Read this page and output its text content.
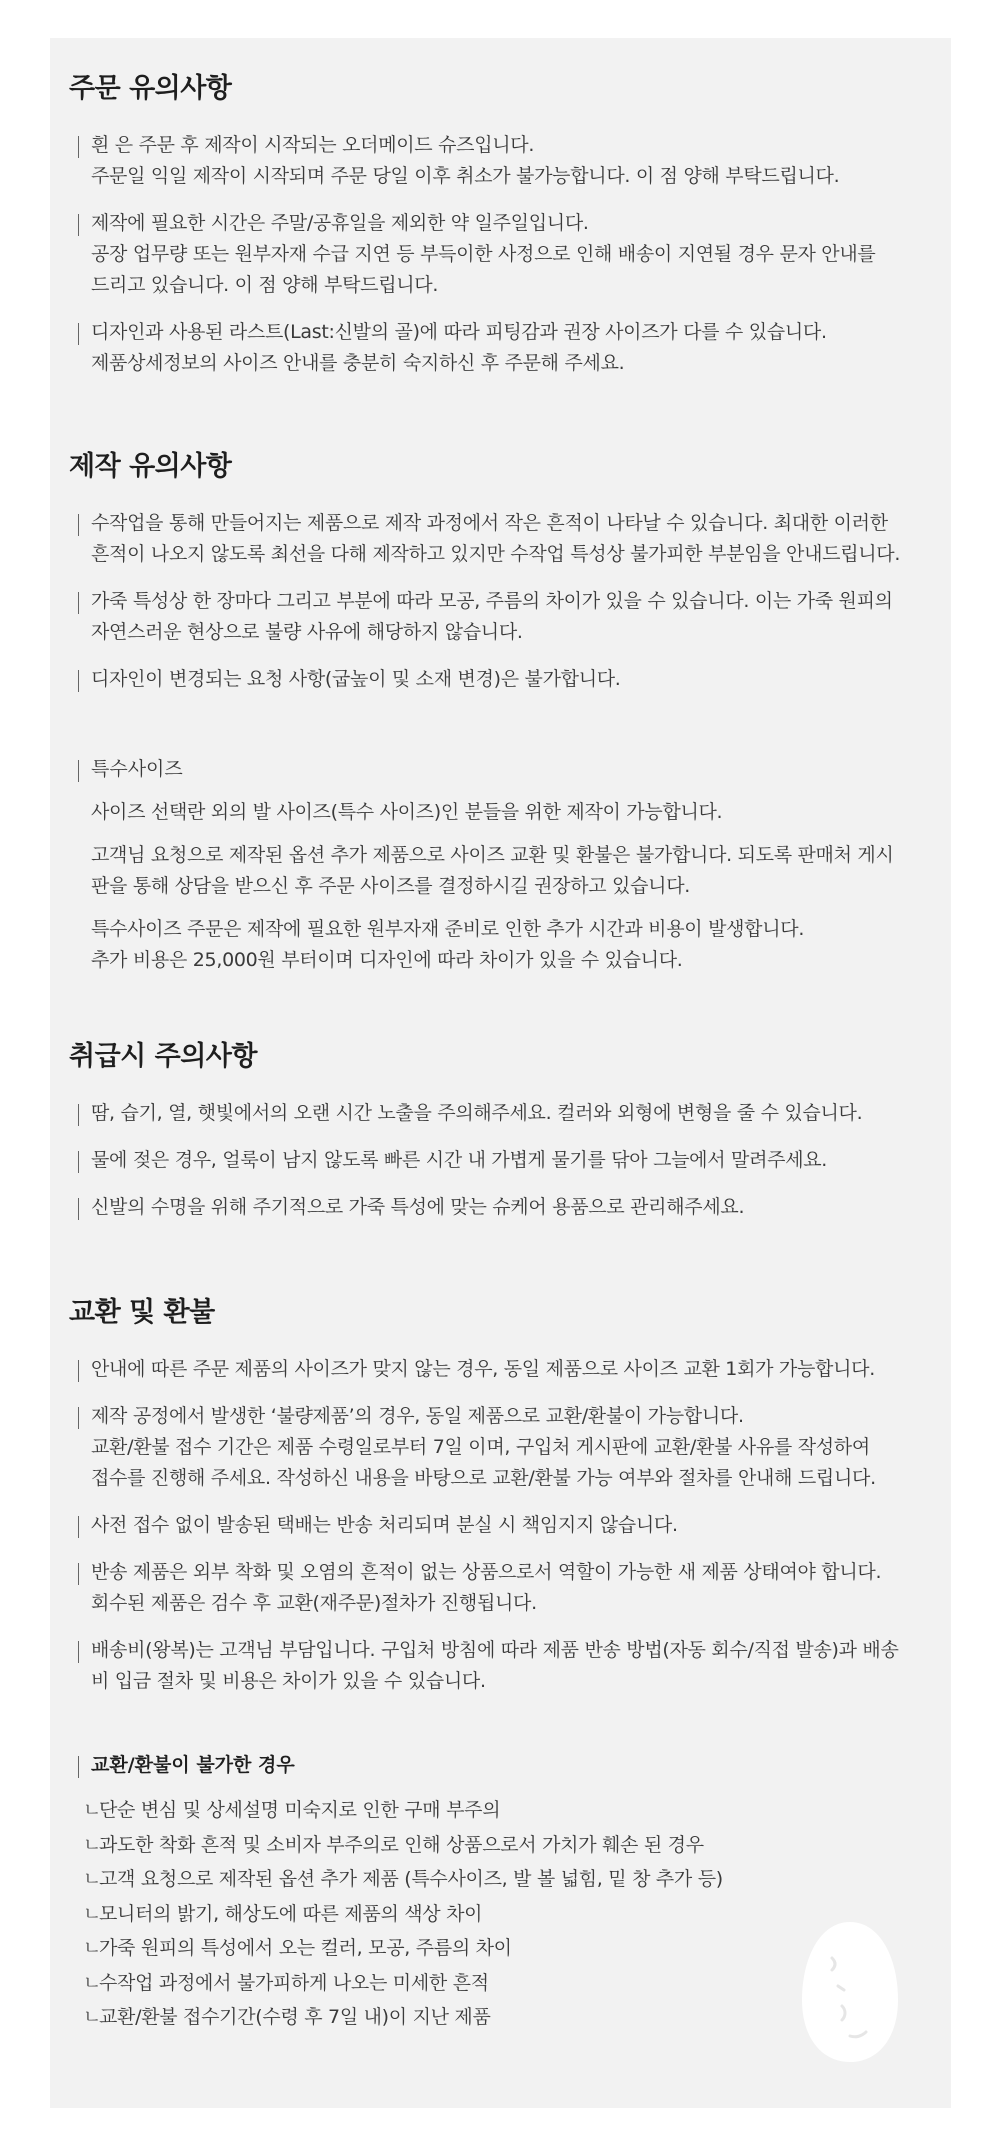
주문 유의사항
흰 은 주문 후 제작이 시작되는 오더메이드 슈즈입니다.
주문일 익일 제작이 시작되며 주문 당일 이후 취소가 불가능합니다. 이 점 양해 부탁드립니다.
제작에 필요한 시간은 주말/공휴일을 제외한 약 일주일입니다.
공장 업무량 또는 원부자재 수급 지연 등 부득이한 사정으로 인해 배송이 지연될 경우 문자 안내를
드리고 있습니다. 이 점 양해 부탁드립니다.
디자인과 사용된 라스트(Last:신발의 골)에 따라 피팅감과 권장 사이즈가 다를 수 있습니다.
제품상세정보의 사이즈 안내를 충분히 숙지하신 후 주문해 주세요.
제작 유의사항
수작업을 통해 만들어지는 제품으로 제작 과정에서 작은 흔적이 나타날 수 있습니다. 최대한 이러한
흔적이 나오지 않도록 최선을 다해 제작하고 있지만 수작업 특성상 불가피한 부분임을 안내드립니다.
가죽 특성상 한 장마다 그리고 부분에 따라 모공, 주름의 차이가 있을 수 있습니다. 이는 가죽 원피의
자연스러운 현상으로 불량 사유에 해당하지 않습니다.
디자인이 변경되는 요청 사항(굽높이 및 소재 변경)은 불가합니다.
특수사이즈
사이즈 선택란 외의 발 사이즈(특수 사이즈)인 분들을 위한 제작이 가능합니다.
고객님 요청으로 제작된 옵션 추가 제품으로 사이즈 교환 및 환불은 불가합니다. 되도록 판매처 게시
판을 통해 상담을 받으신 후 주문 사이즈를 결정하시길 권장하고 있습니다.
특수사이즈 주문은 제작에 필요한 원부자재 준비로 인한 추가 시간과 비용이 발생합니다.
추가 비용은 25,000원 부터이며 디자인에 따라 차이가 있을 수 있습니다.
취급시 주의사항
땀, 습기, 열, 햇빛에서의 오랜 시간 노출을 주의해주세요. 컬러와 외형에 변형을 줄 수 있습니다.
물에 젖은 경우, 얼룩이 남지 않도록 빠른 시간 내 가볍게 물기를 닦아 그늘에서 말려주세요.
신발의 수명을 위해 주기적으로 가죽 특성에 맞는 슈케어 용품으로 관리해주세요.
교환 및 환불
안내에 따른 주문 제품의 사이즈가 맞지 않는 경우, 동일 제품으로 사이즈 교환 1회가 가능합니다.
제작 공정에서 발생한 ‘불량제품’의 경우, 동일 제품으로 교환/환불이 가능합니다.
교환/환불 접수 기간은 제품 수령일로부터 7일 이며, 구입처 게시판에 교환/환불 사유를 작성하여
접수를 진행해 주세요. 작성하신 내용을 바탕으로 교환/환불 가능 여부와 절차를 안내해 드립니다.
사전 접수 없이 발송된 택배는 반송 처리되며 분실 시 책임지지 않습니다.
반송 제품은 외부 착화 및 오염의 흔적이 없는 상품으로서 역할이 가능한 새 제품 상태여야 합니다.
회수된 제품은 검수 후 교환(재주문)절차가 진행됩니다.
배송비(왕복)는 고객님 부담입니다. 구입처 방침에 따라 제품 반송 방법(자동 회수/직접 발송)과 배송
비 입금 절차 및 비용은 차이가 있을 수 있습니다.
교환/환불이 불가한 경우
ㄴ단순 변심 및 상세설명 미숙지로 인한 구매 부주의
ㄴ과도한 착화 흔적 및 소비자 부주의로 인해 상품으로서 가치가 훼손 된 경우
ㄴ고객 요청으로 제작된 옵션 추가 제품 (특수사이즈, 발 볼 넓힘, 밑 창 추가 등)
ㄴ모니터의 밝기, 해상도에 따른 제품의 색상 차이
ㄴ가죽 원피의 특성에서 오는 컬러, 모공, 주름의 차이
ㄴ수작업 과정에서 불가피하게 나오는 미세한 흔적
ㄴ교환/환불 접수기간(수령 후 7일 내)이 지난 제품
